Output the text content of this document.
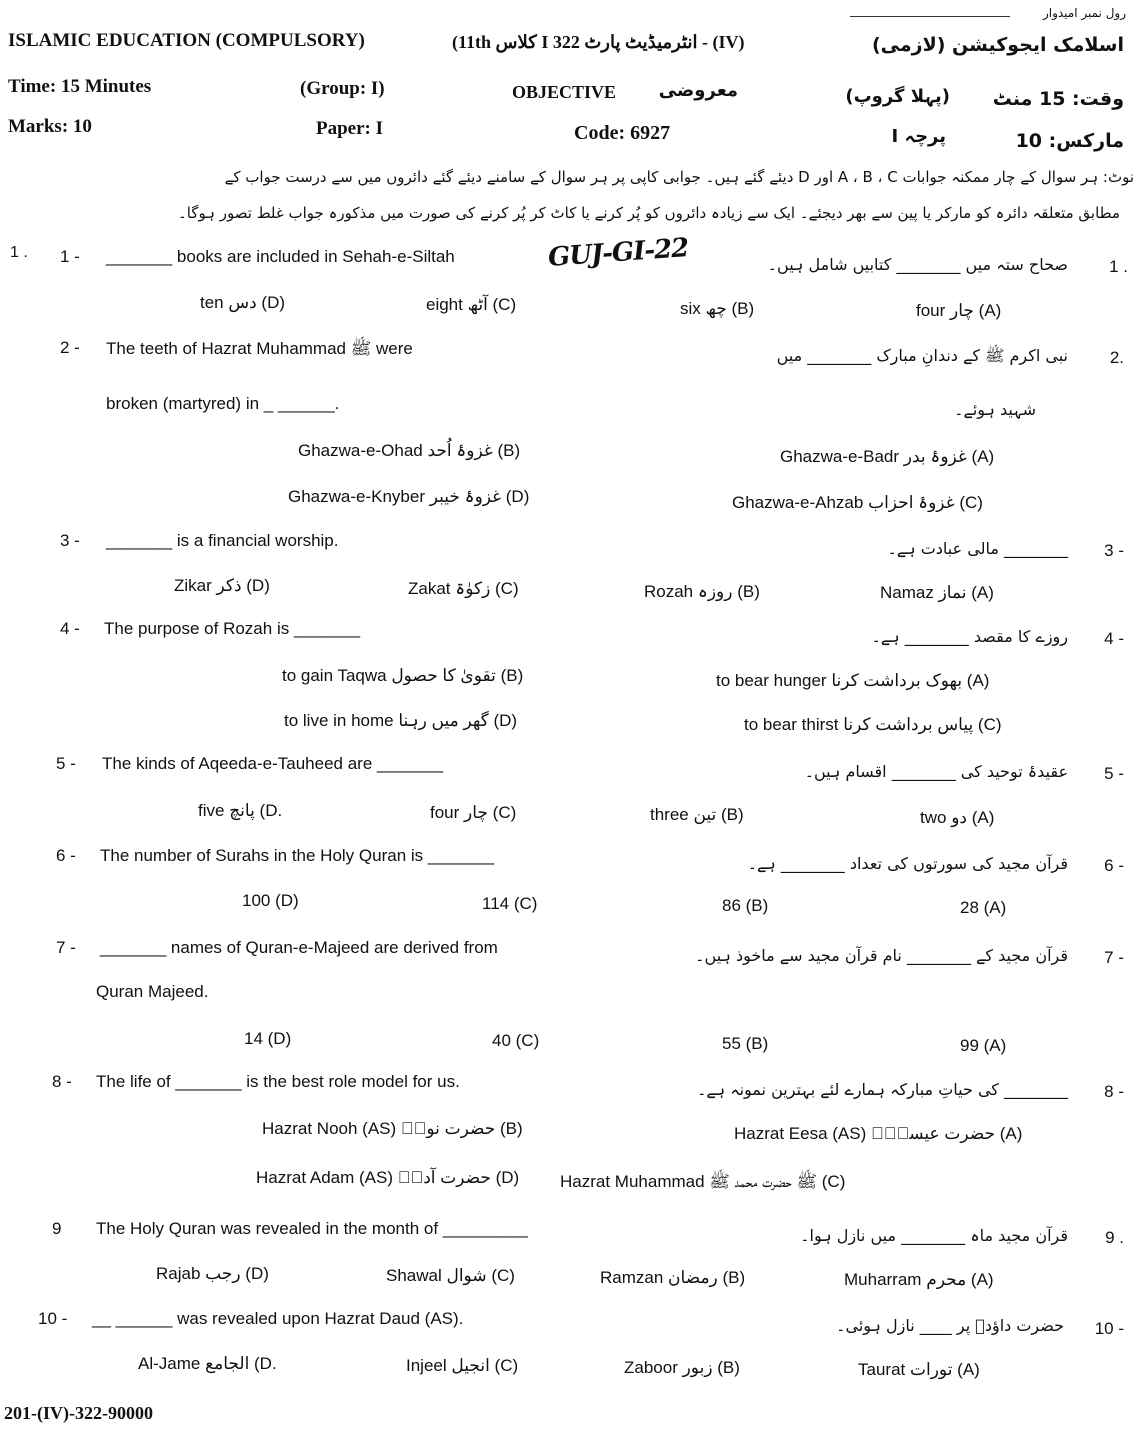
رول نمبر امیدوار
ISLAMIC EDUCATION (COMPULSORY)	(11th کلاس I انٹرمیڈیٹ پارٹ 322 - (IV)	اسلامک ایجوکیشن (لازمی)
Time: 15 Minutes	(Group: I)	OBJECTIVE معروضی	(پہلا گروپ) وقت: 15 منٹ
Marks: 10	Paper: I	Code: 6927	پرچہ I	مارکس: 10
نوٹ: ہر سوال کے چار ممکنہ جوابات A ، B ، C اور D دیئے گئے ہیں۔ جوابی کاپی پر ہر سوال کے سامنے دیئے گئے دائروں میں سے درست جواب کے
مطابق متعلقہ دائرہ کو مارکر یا پین سے بھر دیجئے۔ ایک سے زیادہ دائروں کو پُر کرنے یا کاٹ کر پُر کرنے کی صورت میں مذکورہ جواب غلط تصور ہوگا۔
1 .	GUJ-GI-22
1 - _______ books are included in Sehah-e-Siltah	صحاح ستہ میں ________ کتابیں شامل ہیں۔ 1 .
ten دس (D)	eight آٹھ (C)	six چھ (B)	four چار (A)
2 - The teeth of Hazrat Muhammad ﷺ were
broken (martyred) in _ ______.
نبی اکرم ﷺ کے دندانِ مبارک ________ میں
شہید ہوئے۔
2.
Ghazwa-e-Ohad غزوۂ اُحد (B)	Ghazwa-e-Badr غزوۂ بدر (A)
Ghazwa-e-Knyber غزوۂ خیبر (D)	Ghazwa-e-Ahzab غزوۂ احزاب (C)
3 - _______ is a financial worship.	________ مالی عبادت ہے۔ 3 -
Zikar ذکر (D)	Zakat زکوٰۃ (C)	Rozah روزہ (B)	Namaz نماز (A)
4 - The purpose of Rozah is _______	روزے کا مقصد ________ ہے۔ 4 -
to gain Taqwa تقویٰ کا حصول (B)	to bear hunger بھوک برداشت کرنا (A)
to live in home گھر میں رہنا (D)	to bear thirst پیاس برداشت کرنا (C)
5 - The kinds of Aqeeda-e-Tauheed are _______	عقیدۂ توحید کی ________ اقسام ہیں۔ 5 -
five پانچ (D.	four چار (C)	three تین (B)	two دو (A)
6 - The number of Surahs in the Holy Quran is _______	قرآن مجید کی سورتوں کی تعداد ________ ہے۔ 6 -
100 (D)	114 (C)	86 (B)	28 (A)
7 - _______ names of Quran-e-Majeed are derived from
Quran Majeed.
قرآن مجید کے ________ نام قرآن مجید سے ماخوذ ہیں۔ 7 -
14 (D)	40 (C)	55 (B)	99 (A)
8 - The life of _______ is the best role model for us.	________ کی حیاتِ مبارکہ ہمارے لئے بہترین نمونہ ہے۔ 8 -
Hazrat Nooh (AS) حضرت نوحؑ (B)	Hazrat Eesa (AS) حضرت عیسیٰؑ (A)
Hazrat Adam (AS) حضرت آدمؑ (D) Hazrat Muhammad ﷺ حضرت محمد ﷺ (C)
9 The Holy Quran was revealed in the month of _________	قرآن مجید ماہ ________ میں نازل ہوا۔ 9 .
Rajab رجب (D)	Shawal شوال (C)	Ramzan رمضان (B)	Muharram محرم (A)
10 - __ ______ was revealed upon Hazrat Daud (AS).	حضرت داؤدؑ پر ____ نازل ہوئی۔ 10 -
Al-Jame الجامع (D.	Injeel انجیل (C)	Zaboor زبور (B)	Taurat تورات (A)
201-(IV)-322-90000
